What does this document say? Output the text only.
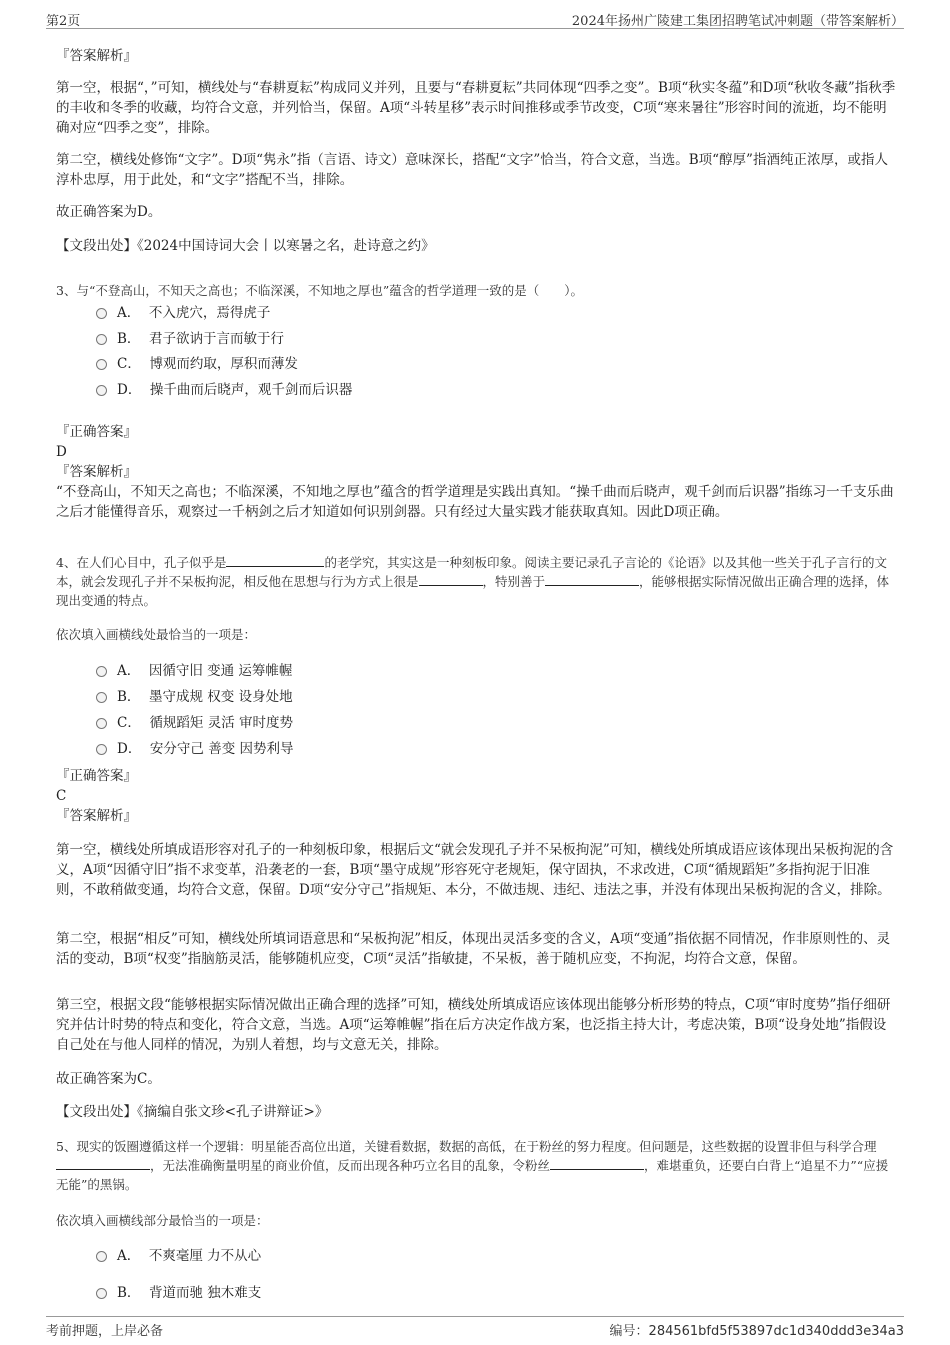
第2页	2024年扬州广陵建工集团招聘笔试冲刺题（带答案解析）

『答案解析』

第一空，根据“，”可知，横线处与“春耕夏耘”构成同义并列，且要与“春耕夏耘”共同体现“四季之变”。B项“秋实冬蕴”和D项“秋收冬藏”指秋季的丰收和冬季的收藏，均符合文意，并列恰当，保留。A项“斗转星移”表示时间推移或季节改变，C项“寒来暑往”形容时间的流逝，均不能明确对应“四季之变”，排除。

第二空，横线处修饰“文字”。D项“隽永”指（言语、诗文）意味深长，搭配“文字”恰当，符合文意，当选。B项“醇厚”指酒纯正浓厚，或指人淳朴忠厚，用于此处，和“文字”搭配不当，排除。

故正确答案为D。

【文段出处】《2024中国诗词大会丨以寒暑之名，赴诗意之约》

3、与“不登高山，不知天之高也；不临深溪，不知地之厚也”蕴含的哲学道理一致的是（　　）。

A． 不入虎穴，焉得虎子
B． 君子欲讷于言而敏于行
C． 博观而约取，厚积而薄发
D． 操千曲而后晓声，观千剑而后识器

『正确答案』

D

『答案解析』

“不登高山，不知天之高也；不临深溪，不知地之厚也”蕴含的哲学道理是实践出真知。“操千曲而后晓声，观千剑而后识器”指练习一千支乐曲之后才能懂得音乐，观察过一千柄剑之后才知道如何识别剑器。只有经过大量实践才能获取真知。因此D项正确。

4、在人们心目中，孔子似乎是	的老学究，其实这是一种刻板印象。阅读主要记录孔子言论的《论语》以及其他一些关于孔子言行的文本，就会发现孔子并不呆板拘泥，相反他在思想与行为方式上很是	，特别善于	，能够根据实际情况做出正确合理的选择，体现出变通的特点。

依次填入画横线处最恰当的一项是：

A． 因循守旧 变通 运筹帷幄
B． 墨守成规 权变 设身处地
C． 循规蹈矩 灵活 审时度势
D． 安分守己 善变 因势利导

『正确答案』

C

『答案解析』

第一空，横线处所填成语形容对孔子的一种刻板印象，根据后文“就会发现孔子并不呆板拘泥”可知，横线处所填成语应该体现出呆板拘泥的含义，A项“因循守旧”指不求变革，沿袭老的一套，B项“墨守成规”形容死守老规矩，保守固执，不求改进，C项“循规蹈矩”多指拘泥于旧准则，不敢稍做变通，均符合文意，保留。D项“安分守己”指规矩、本分，不做违规、违纪、违法之事，并没有体现出呆板拘泥的含义，排除。

第二空，根据“相反”可知，横线处所填词语意思和“呆板拘泥”相反，体现出灵活多变的含义，A项“变通”指依据不同情况，作非原则性的、灵活的变动，B项“权变”指脑筋灵活，能够随机应变，C项“灵活”指敏捷，不呆板，善于随机应变，不拘泥，均符合文意，保留。

第三空，根据文段“能够根据实际情况做出正确合理的选择”可知，横线处所填成语应该体现出能够分析形势的特点，C项“审时度势”指仔细研究并估计时势的特点和变化，符合文意，当选。A项“运筹帷幄”指在后方决定作战方案，也泛指主持大计，考虑决策，B项“设身处地”指假设自己处在与他人同样的情况，为别人着想，均与文意无关，排除。

故正确答案为C。

【文段出处】《摘编自张文珍<孔子讲辩证>》

5、现实的饭圈遵循这样一个逻辑：明星能否高位出道，关键看数据，数据的高低，在于粉丝的努力程度。但问题是，这些数据的设置非但与科学合理，无法准确衡量明星的商业价值，反而出现各种巧立名目的乱象，令粉丝	，难堪重负，还要白白背上“追星不力”“应援无能”的黑锅。

依次填入画横线部分最恰当的一项是：

A． 不爽毫厘 力不从心
B． 背道而驰 独木难支
考前押题，上岸必备	编号：284561bfd5f53897dc1d340ddd3e34a3
